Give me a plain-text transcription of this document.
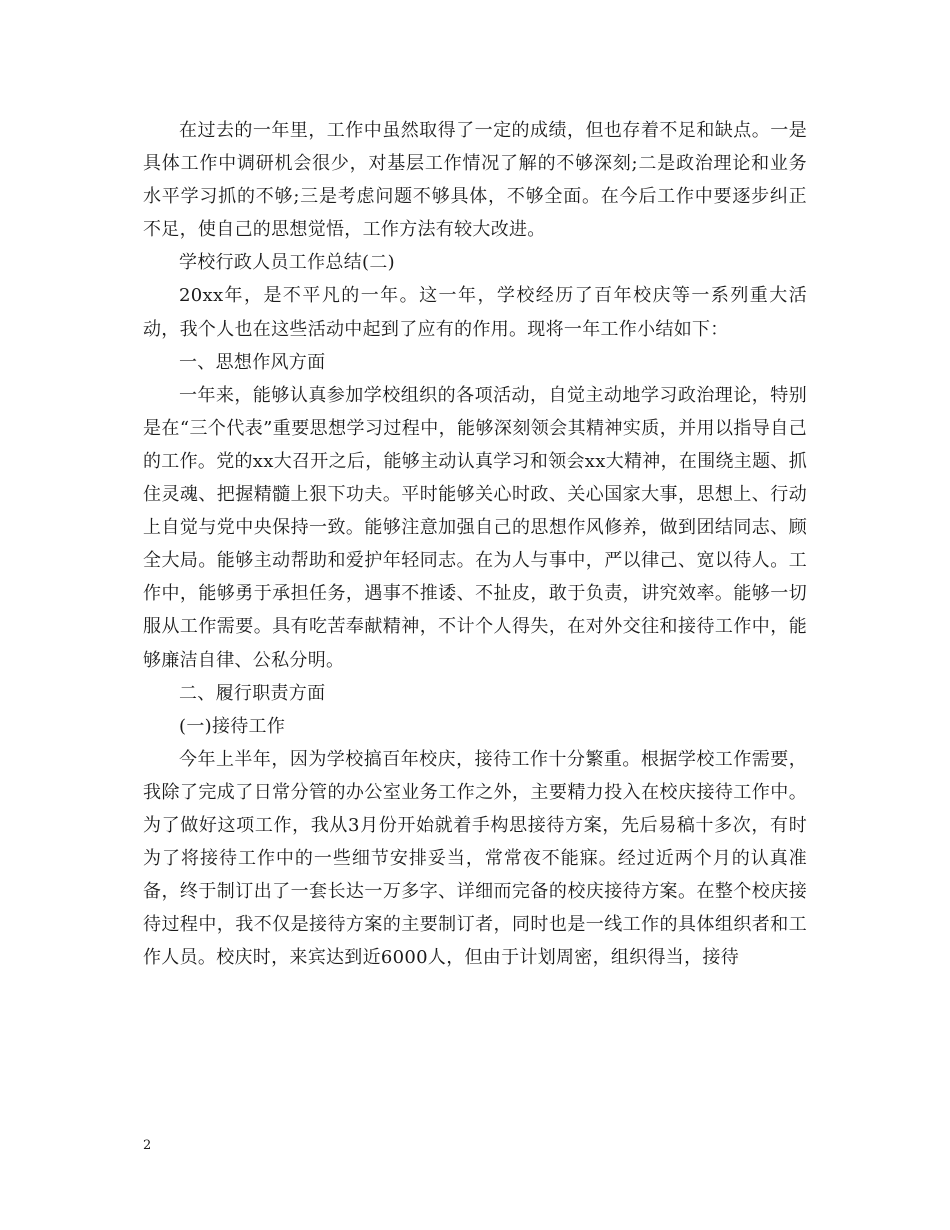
在过去的一年里，工作中虽然取得了一定的成绩，但也存着不足和缺点。一是具体工作中调研机会很少，对基层工作情况了解的不够深刻;二是政治理论和业务水平学习抓的不够;三是考虑问题不够具体，不够全面。在今后工作中要逐步纠正不足，使自己的思想觉悟，工作方法有较大改进。

学校行政人员工作总结(二)

20xx年，是不平凡的一年。这一年，学校经历了百年校庆等一系列重大活动，我个人也在这些活动中起到了应有的作用。现将一年工作小结如下：

一、思想作风方面

一年来，能够认真参加学校组织的各项活动，自觉主动地学习政治理论，特别是在“三个代表”重要思想学习过程中，能够深刻领会其精神实质，并用以指导自己的工作。党的xx大召开之后，能够主动认真学习和领会xx大精神，在围绕主题、抓住灵魂、把握精髓上狠下功夫。平时能够关心时政、关心国家大事，思想上、行动上自觉与党中央保持一致。能够注意加强自己的思想作风修养，做到团结同志、顾全大局。能够主动帮助和爱护年轻同志。在为人与事中，严以律己、宽以待人。工作中，能够勇于承担任务，遇事不推诿、不扯皮，敢于负责，讲究效率。能够一切服从工作需要。具有吃苦奉献精神，不计个人得失，在对外交往和接待工作中，能够廉洁自律、公私分明。

二、履行职责方面

(一)接待工作

今年上半年，因为学校搞百年校庆，接待工作十分繁重。根据学校工作需要，我除了完成了日常分管的办公室业务工作之外，主要精力投入在校庆接待工作中。为了做好这项工作，我从3月份开始就着手构思接待方案，先后易稿十多次，有时为了将接待工作中的一些细节安排妥当，常常夜不能寐。经过近两个月的认真准备，终于制订出了一套长达一万多字、详细而完备的校庆接待方案。在整个校庆接待过程中，我不仅是接待方案的主要制订者，同时也是一线工作的具体组织者和工作人员。校庆时，来宾达到近6000人，但由于计划周密，组织得当，接待

2
